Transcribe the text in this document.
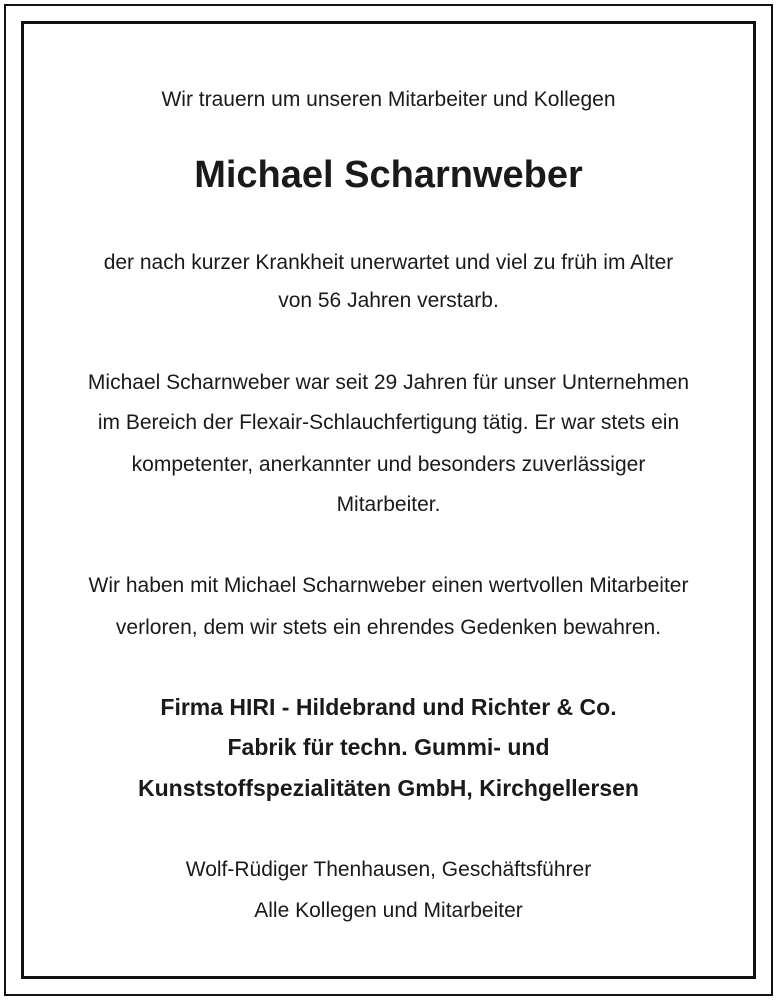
Wir trauern um unseren Mitarbeiter und Kollegen
Michael Scharnweber
der nach kurzer Krankheit unerwartet und viel zu früh im Alter
von 56 Jahren verstarb.
Michael Scharnweber war seit 29 Jahren für unser Unternehmen
im Bereich der Flexair-Schlauchfertigung tätig. Er war stets ein
kompetenter, anerkannter und besonders zuverlässiger
Mitarbeiter.
Wir haben mit Michael Scharnweber einen wertvollen Mitarbeiter
verloren, dem wir stets ein ehrendes Gedenken bewahren.
Firma HIRI - Hildebrand und Richter & Co.
Fabrik für techn. Gummi- und
Kunststoffspezialitäten GmbH, Kirchgellersen
Wolf-Rüdiger Thenhausen, Geschäftsführer
Alle Kollegen und Mitarbeiter
